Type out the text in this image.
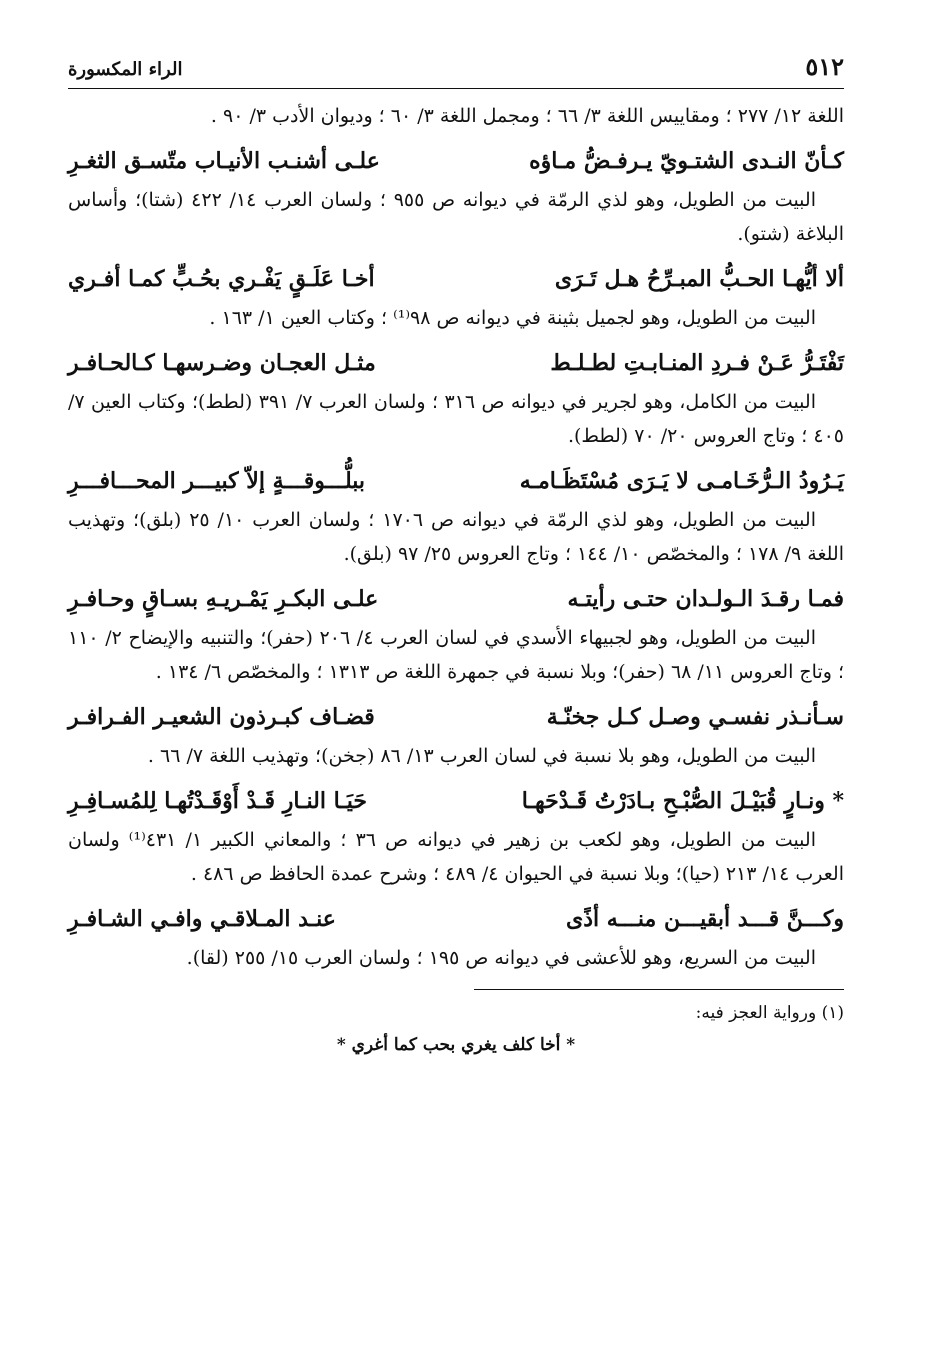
٥١٢
الراء المكسورة
اللغة ١٢/ ٢٧٧ ؛ ومقاييس اللغة ٣/ ٦٦ ؛ ومجمل اللغة ٣/ ٦٠ ؛ وديوان الأدب ٣/ ٩٠ .
كـأنّ النـدى الشتـويّ يـرفـضُّ مـاؤه
علـى أشنـب الأنيـاب متّسـق الثغـرِ
البيت من الطويل، وهو لذي الرمّة في ديوانه ص ٩٥٥ ؛ ولسان العرب ١٤/ ٤٢٢ (شتا)؛ وأساس البلاغة (شتو).
ألا أيُّهـا الحـبُّ المبـرِّحُ هـل تَـرَى
أخـا عَلَـقٍ يَفْـري بحُـبٍّ كمـا أفـري
البيت من الطويل، وهو لجميل بثينة في ديوانه ص ٩٨⁽¹⁾ ؛ وكتاب العين ١/ ١٦٣ .
تَفْتَـرُّ عَـنْ فـردِ المنـابـتِ لطـلـط
مثـل العجـان وضـرسهـا كـالحـافـر
البيت من الكامل، وهو لجرير في ديوانه ص ٣١٦ ؛ ولسان العرب ٧/ ٣٩١ (لطط)؛ وكتاب العين ٧/ ٤٠٥ ؛ وتاج العروس ٢٠/ ٧٠ (لطط).
يَـرُودُ الـرُّخَـامـى لا يَـرَى مُسْتَظَـامـه
ببلُّـــوقـــةٍ إلاّ كبيـــر المحـــافـــرِ
البيت من الطويل، وهو لذي الرمّة في ديوانه ص ١٧٠٦ ؛ ولسان العرب ١٠/ ٢٥ (بلق)؛ وتهذيب اللغة ٩/ ١٧٨ ؛ والمخصّص ١٠/ ١٤٤ ؛ وتاج العروس ٢٥/ ٩٧ (بلق).
فمـا رقـدَ الـولـدان حتـى رأيتـه
علـى البكـرِ يَمْـريـهِ بسـاقٍ وحـافـرِ
البيت من الطويل، وهو لجبيهاء الأسدي في لسان العرب ٤/ ٢٠٦ (حفر)؛ والتنبيه والإيضاح ٢/ ١١٠ ؛ وتاج العروس ١١/ ٦٨ (حفر)؛ وبلا نسبة في جمهرة اللغة ص ١٣١٣ ؛ والمخصّص ٦/ ١٣٤ .
سـأنـذر نفسـي وصـل كـل جخنّـة
قضـاف كبـرذون الشعيـر الفـرافـر
البيت من الطويل، وهو بلا نسبة في لسان العرب ١٣/ ٨٦ (جخن)؛ وتهذيب اللغة ٧/ ٦٦ .
* ونـارٍ قُبَيْـلَ الصُّبْـحِ بـادَرْتُ قَـدْحَهـا
حَيَـا النـارِ قَـدْ أَوْقَـدْتُهـا لِلمُسـافِـرِ
البيت من الطويل، وهو لكعب بن زهير في ديوانه ص ٣٦ ؛ والمعاني الكبير ١/ ٤٣١⁽¹⁾ ولسان العرب ١٤/ ٢١٣ (حيا)؛ وبلا نسبة في الحيوان ٤/ ٤٨٩ ؛ وشرح عمدة الحافظ ص ٤٨٦ .
وكـــنَّ قـــد أبقيـــن منـــه أذًى
عنـد المـلاقـي وافـي الشـافـرِ
البيت من السريع، وهو للأعشى في ديوانه ص ١٩٥ ؛ ولسان العرب ١٥/ ٢٥٥ (لقا).
(١) ورواية العجز فيه:
* أخا كلف يغري بحب كما أغري *
